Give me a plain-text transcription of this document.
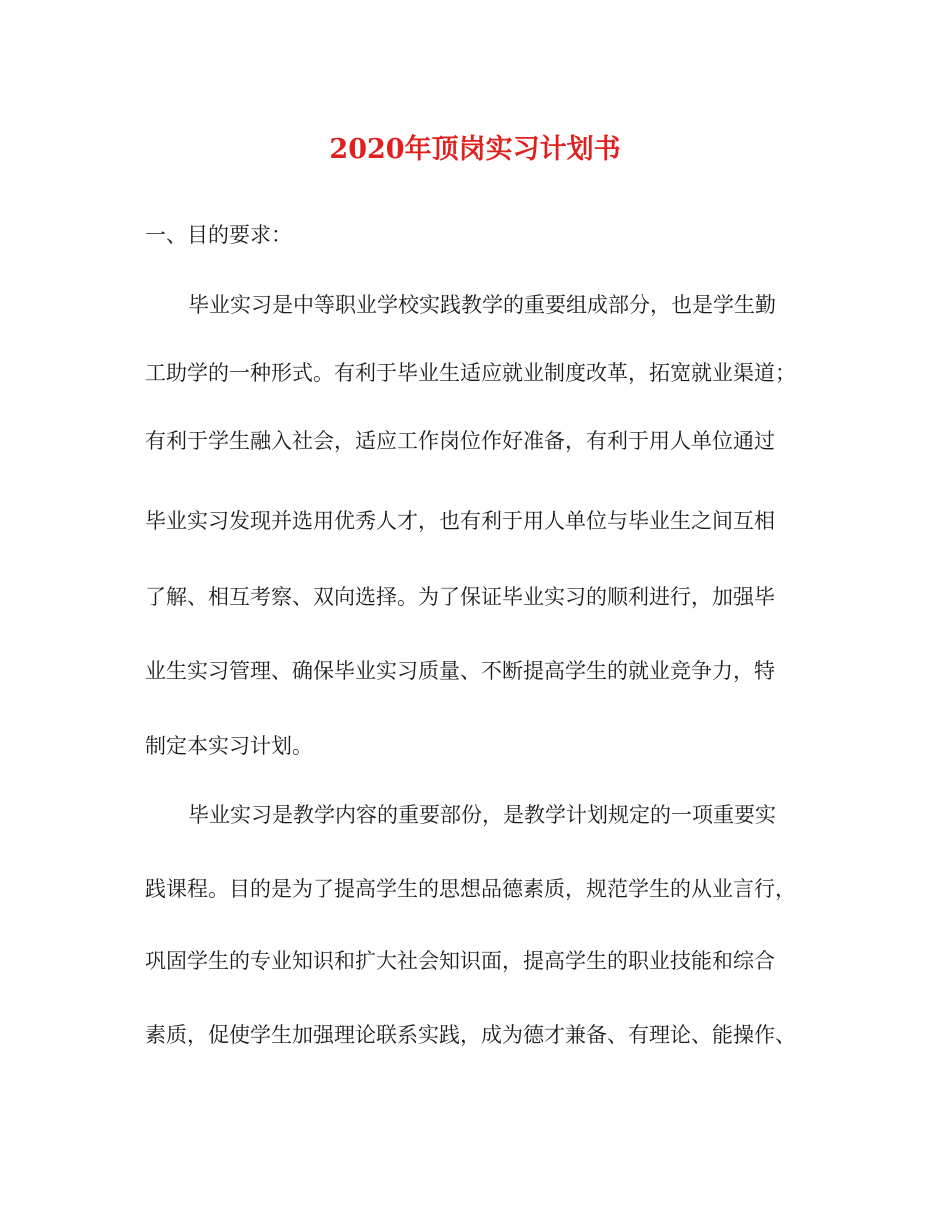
2020年顶岗实习计划书

一、目的要求：

毕业实习是中等职业学校实践教学的重要组成部分，也是学生勤

工助学的一种形式。有利于毕业生适应就业制度改革，拓宽就业渠道；

有利于学生融入社会，适应工作岗位作好准备，有利于用人单位通过

毕业实习发现并选用优秀人才，也有利于用人单位与毕业生之间互相

了解、相互考察、双向选择。为了保证毕业实习的顺利进行，加强毕

业生实习管理、确保毕业实习质量、不断提高学生的就业竞争力，特

制定本实习计划。

毕业实习是教学内容的重要部份，是教学计划规定的一项重要实

践课程。目的是为了提高学生的思想品德素质，规范学生的从业言行，

巩固学生的专业知识和扩大社会知识面，提高学生的职业技能和综合

素质，促使学生加强理论联系实践，成为德才兼备、有理论、能操作、
